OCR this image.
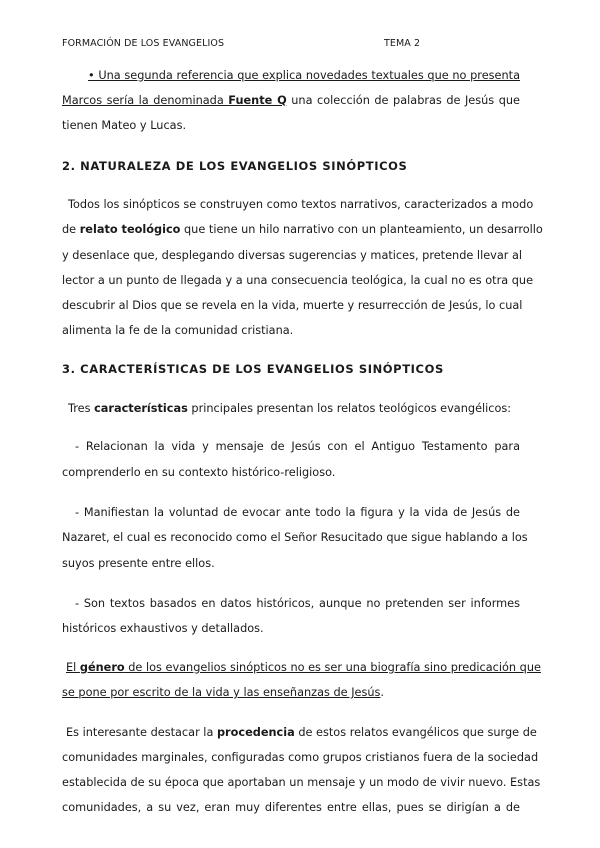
FORMACIÓN DE LOS EVANGELIOS	TEMA 2
• Una segunda referencia que explica novedades textuales que no presenta
Marcos sería la denominada Fuente Q una colección de palabras de Jesús que
tienen Mateo y Lucas.
2. NATURALEZA DE LOS EVANGELIOS SINÓPTICOS
Todos los sinópticos se construyen como textos narrativos, caracterizados a modo
de relato teológico que tiene un hilo narrativo con un planteamiento, un desarrollo
y desenlace que, desplegando diversas sugerencias y matices, pretende llevar al
lector a un punto de llegada y a una consecuencia teológica, la cual no es otra que
descubrir al Dios que se revela en la vida, muerte y resurrección de Jesús, lo cual
alimenta la fe de la comunidad cristiana.
3. CARACTERÍSTICAS DE LOS EVANGELIOS SINÓPTICOS
Tres características principales presentan los relatos teológicos evangélicos:
- Relacionan la vida y mensaje de Jesús con el Antiguo Testamento para
comprenderlo en su contexto histórico-religioso.
- Manifiestan la voluntad de evocar ante todo la figura y la vida de Jesús de
Nazaret, el cual es reconocido como el Señor Resucitado que sigue hablando a los
suyos presente entre ellos.
- Son textos basados en datos históricos, aunque no pretenden ser informes
históricos exhaustivos y detallados.
El género de los evangelios sinópticos no es ser una biografía sino predicación que
se pone por escrito de la vida y las enseñanzas de Jesús.
Es interesante destacar la procedencia de estos relatos evangélicos que surge de
comunidades marginales, configuradas como grupos cristianos fuera de la sociedad
establecida de su época que aportaban un mensaje y un modo de vivir nuevo. Estas
comunidades, a su vez, eran muy diferentes entre ellas, pues se dirigían a de
